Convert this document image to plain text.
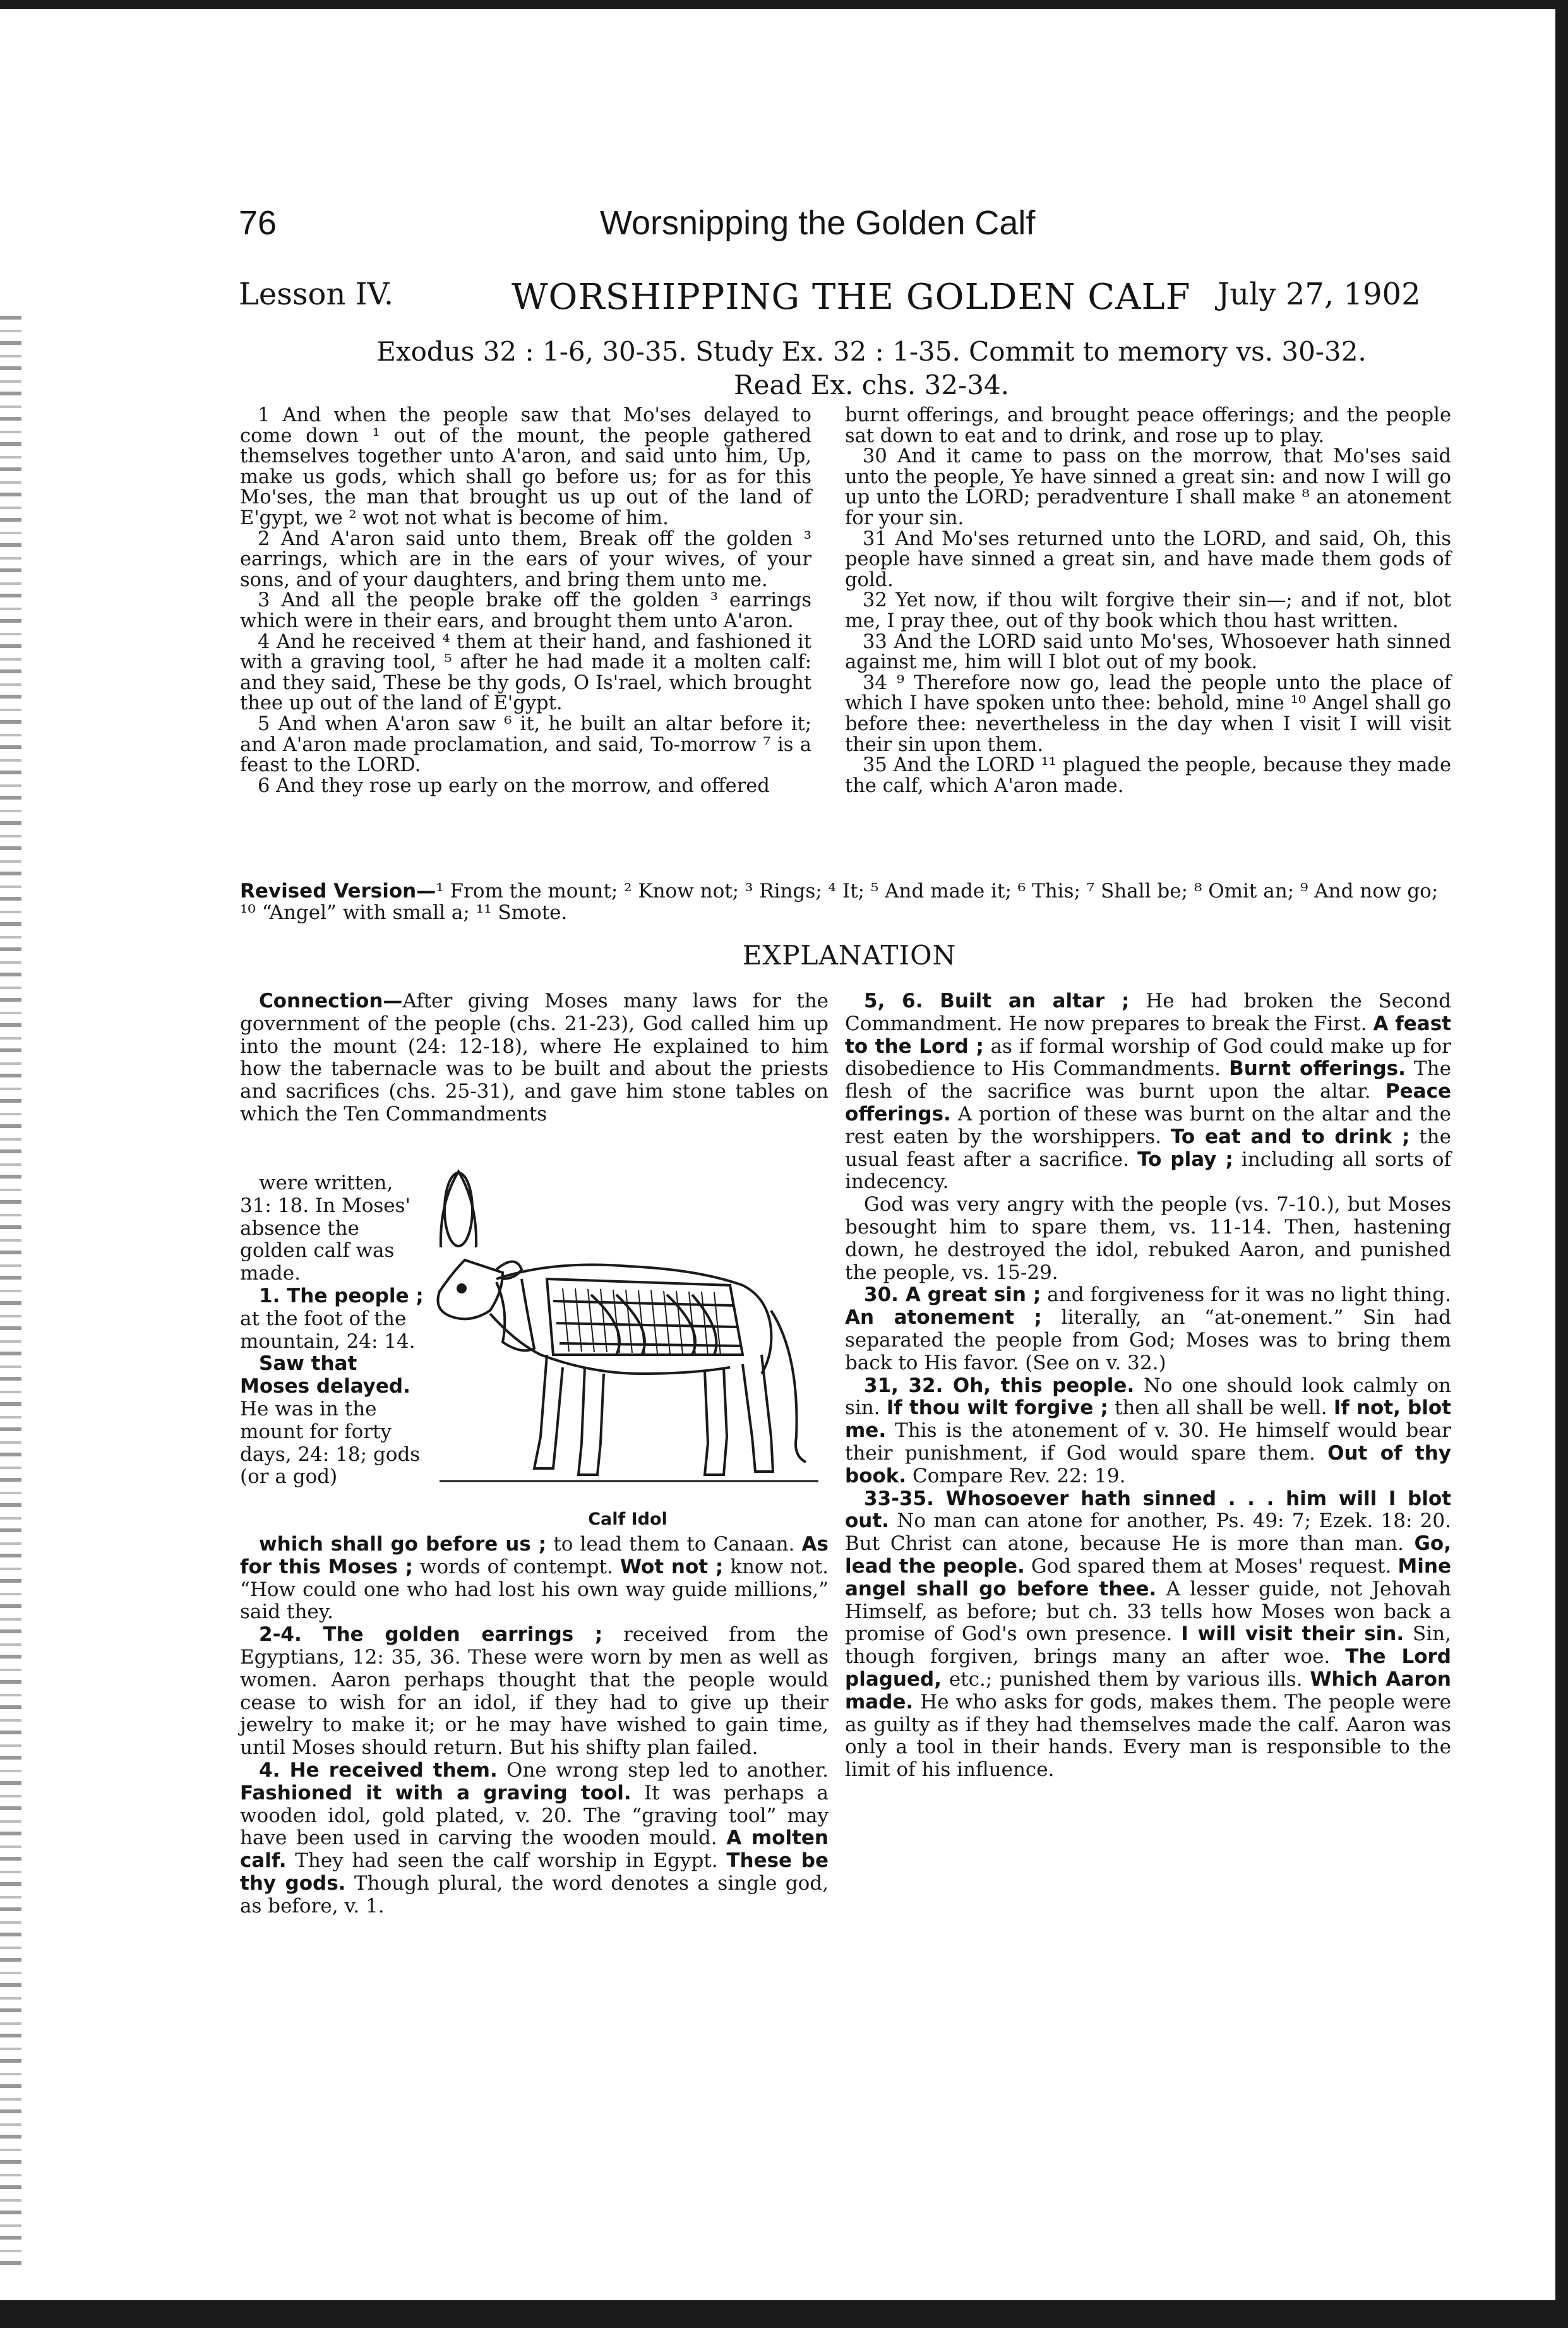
76	Worsnipping the Golden Calf
Lesson IV.	WORSHIPPING THE GOLDEN CALF July 27, 1902
Exodus 32 : 1-6, 30-35. Study Ex. 32 : 1-35. Commit to memory vs. 30-32.
Read Ex. chs. 32-34.

1 And when the people saw that Mo'ses delayed to come down ¹ out of the mount, the people gathered themselves together unto A'aron, and said unto him, Up, make us gods, which shall go before us; for as for this Mo'ses, the man that brought us up out of the land of E'gypt, we ² wot not what is become of him.

2 And A'aron said unto them, Break off the golden ³ earrings, which are in the ears of your wives, of your sons, and of your daughters, and bring them unto me.

3 And all the people brake off the golden ³ earrings which were in their ears, and brought them unto A'aron.

4 And he received ⁴ them at their hand, and fashioned it with a graving tool, ⁵ after he had made it a molten calf: and they said, These be thy gods, O Is'rael, which brought thee up out of the land of E'gypt.

5 And when A'aron saw ⁶ it, he built an altar before it; and A'aron made proclamation, and said, To-morrow ⁷ is a feast to the LORD.

6 And they rose up early on the morrow, and offered

burnt offerings, and brought peace offerings; and the people sat down to eat and to drink, and rose up to play.

30 And it came to pass on the morrow, that Mo'ses said unto the people, Ye have sinned a great sin: and now I will go up unto the LORD; peradventure I shall make ⁸ an atonement for your sin.

31 And Mo'ses returned unto the LORD, and said, Oh, this people have sinned a great sin, and have made them gods of gold.

32 Yet now, if thou wilt forgive their sin—; and if not, blot me, I pray thee, out of thy book which thou hast written.

33 And the LORD said unto Mo'ses, Whosoever hath sinned against me, him will I blot out of my book.

34 ⁹ Therefore now go, lead the people unto the place of which I have spoken unto thee: behold, mine ¹⁰ Angel shall go before thee: nevertheless in the day when I visit I will visit their sin upon them.

35 And the LORD ¹¹ plagued the people, because they made the calf, which A'aron made.

Revised Version—¹ From the mount; ² Know not; ³ Rings; ⁴ It; ⁵ And made it; ⁶ This; ⁷ Shall be; ⁸ Omit an; ⁹ And now go; ¹⁰ “Angel” with small a; ¹¹ Smote.
EXPLANATION

Connection—After giving Moses many laws for the government of the people (chs. 21-23), God called him up into the mount (24: 12-18), where He explained to him how the tabernacle was to be built and about the priests and sacrifices (chs. 25-31), and gave him stone tables on which the Ten Commandments

were written, 31: 18. In Moses' absence the golden calf was made.

1. The people ; at the foot of the mountain, 24: 14.

Saw that Moses delayed. He was in the mount for forty days, 24: 18; gods (or a god)

which shall go before us ; to lead them to Canaan. As for this Moses ; words of contempt. Wot not ; know not. “How could one who had lost his own way guide millions,” said they.

2-4. The golden earrings ; received from the Egyptians, 12: 35, 36. These were worn by men as well as women. Aaron perhaps thought that the people would cease to wish for an idol, if they had to give up their jewelry to make it; or he may have wished to gain time, until Moses should return. But his shifty plan failed.

4. He received them. One wrong step led to another. Fashioned it with a graving tool. It was perhaps a wooden idol, gold plated, v. 20. The “graving tool” may have been used in carving the wooden mould. A molten calf. They had seen the calf worship in Egypt. These be thy gods. Though plural, the word denotes a single god, as before, v. 1.

5, 6. Built an altar ; He had broken the Second Commandment. He now prepares to break the First. A feast to the Lord ; as if formal worship of God could make up for disobedience to His Commandments. Burnt offerings. The flesh of the sacrifice was burnt upon the altar. Peace offerings. A portion of these was burnt on the altar and the rest eaten by the worshippers. To eat and to drink ; the usual feast after a sacrifice. To play ; including all sorts of indecency.

God was very angry with the people (vs. 7-10.), but Moses besought him to spare them, vs. 11-14. Then, hastening down, he destroyed the idol, rebuked Aaron, and punished the people, vs. 15-29.

30. A great sin ; and forgiveness for it was no light thing. An atonement ; literally, an “at-onement.” Sin had separated the people from God; Moses was to bring them back to His favor. (See on v. 32.)

31, 32. Oh, this people. No one should look calmly on sin. If thou wilt forgive ; then all shall be well. If not, blot me. This is the atonement of v. 30. He himself would bear their punishment, if God would spare them. Out of thy book. Compare Rev. 22: 19.

33-35. Whosoever hath sinned . . . him will I blot out. No man can atone for another, Ps. 49: 7; Ezek. 18: 20. But Christ can atone, because He is more than man. Go, lead the people. God spared them at Moses' request. Mine angel shall go before thee. A lesser guide, not Jehovah Himself, as before; but ch. 33 tells how Moses won back a promise of God's own presence. I will visit their sin. Sin, though forgiven, brings many an after woe. The Lord plagued, etc.; punished them by various ills. Which Aaron made. He who asks for gods, makes them. The people were as guilty as if they had themselves made the calf. Aaron was only a tool in their hands. Every man is responsible to the limit of his influence.

Calf Idol
